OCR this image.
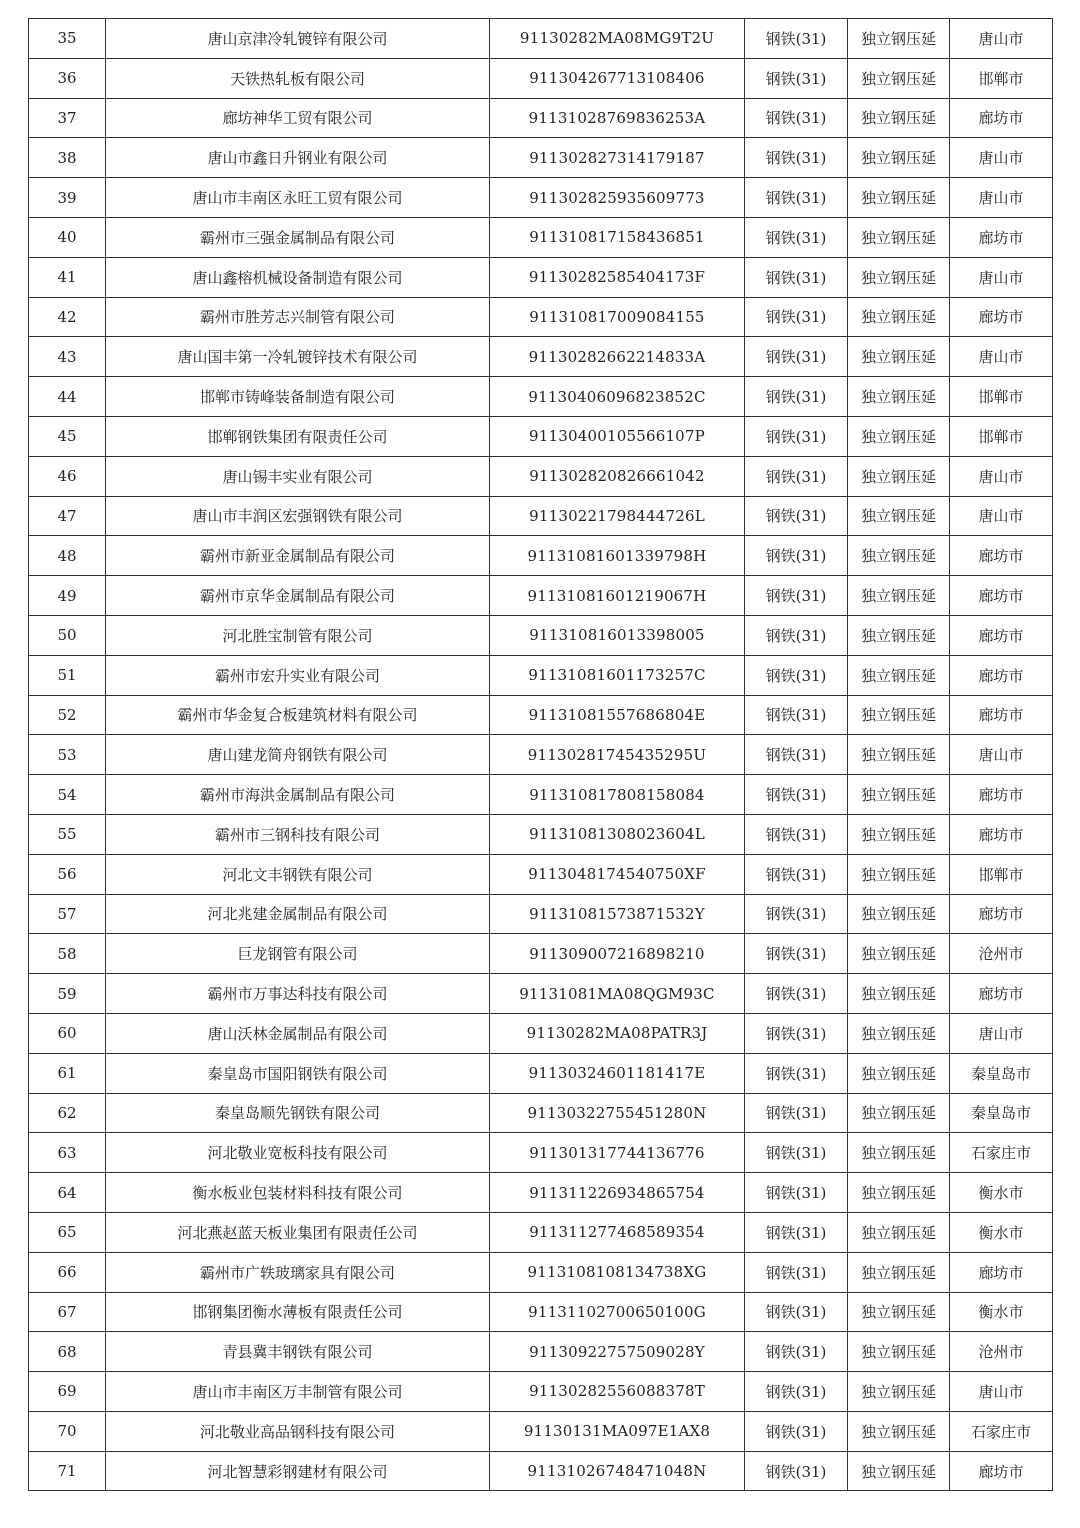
35	唐山京津冷轧镀锌有限公司	91130282MA08MG9T2U	钢铁(31)	独立钢压延	唐山市
36	天铁热轧板有限公司	911304267713108406	钢铁(31)	独立钢压延	邯郸市
37	廊坊神华工贸有限公司	91131028769836253A	钢铁(31)	独立钢压延	廊坊市
38	唐山市鑫日升钢业有限公司	911302827314179187	钢铁(31)	独立钢压延	唐山市
39	唐山市丰南区永旺工贸有限公司	911302825935609773	钢铁(31)	独立钢压延	唐山市
40	霸州市三强金属制品有限公司	911310817158436851	钢铁(31)	独立钢压延	廊坊市
41	唐山鑫榕机械设备制造有限公司	91130282585404173F	钢铁(31)	独立钢压延	唐山市
42	霸州市胜芳志兴制管有限公司	911310817009084155	钢铁(31)	独立钢压延	廊坊市
43	唐山国丰第一冷轧镀锌技术有限公司	91130282662214833A	钢铁(31)	独立钢压延	唐山市
44	邯郸市铸峰装备制造有限公司	91130406096823852C	钢铁(31)	独立钢压延	邯郸市
45	邯郸钢铁集团有限责任公司	91130400105566107P	钢铁(31)	独立钢压延	邯郸市
46	唐山锡丰实业有限公司	911302820826661042	钢铁(31)	独立钢压延	唐山市
47	唐山市丰润区宏强钢铁有限公司	91130221798444726L	钢铁(31)	独立钢压延	唐山市
48	霸州市新亚金属制品有限公司	91131081601339798H	钢铁(31)	独立钢压延	廊坊市
49	霸州市京华金属制品有限公司	91131081601219067H	钢铁(31)	独立钢压延	廊坊市
50	河北胜宝制管有限公司	911310816013398005	钢铁(31)	独立钢压延	廊坊市
51	霸州市宏升实业有限公司	91131081601173257C	钢铁(31)	独立钢压延	廊坊市
52	霸州市华金复合板建筑材料有限公司	91131081557686804E	钢铁(31)	独立钢压延	廊坊市
53	唐山建龙简舟钢铁有限公司	91130281745435295U	钢铁(31)	独立钢压延	唐山市
54	霸州市海洪金属制品有限公司	911310817808158084	钢铁(31)	独立钢压延	廊坊市
55	霸州市三钢科技有限公司	91131081308023604L	钢铁(31)	独立钢压延	廊坊市
56	河北文丰钢铁有限公司	9113048174540750XF	钢铁(31)	独立钢压延	邯郸市
57	河北兆建金属制品有限公司	91131081573871532Y	钢铁(31)	独立钢压延	廊坊市
58	巨龙钢管有限公司	911309007216898210	钢铁(31)	独立钢压延	沧州市
59	霸州市万事达科技有限公司	91131081MA08QGM93C	钢铁(31)	独立钢压延	廊坊市
60	唐山沃林金属制品有限公司	91130282MA08PATR3J	钢铁(31)	独立钢压延	唐山市
61	秦皇岛市国阳钢铁有限公司	91130324601181417E	钢铁(31)	独立钢压延	秦皇岛市
62	秦皇岛顺先钢铁有限公司	91130322755451280N	钢铁(31)	独立钢压延	秦皇岛市
63	河北敬业宽板科技有限公司	911301317744136776	钢铁(31)	独立钢压延	石家庄市
64	衡水板业包装材料科技有限公司	911311226934865754	钢铁(31)	独立钢压延	衡水市
65	河北燕赵蓝天板业集团有限责任公司	911311277468589354	钢铁(31)	独立钢压延	衡水市
66	霸州市广轶玻璃家具有限公司	9113108108134738XG	钢铁(31)	独立钢压延	廊坊市
67	邯钢集团衡水薄板有限责任公司	91131102700650100G	钢铁(31)	独立钢压延	衡水市
68	青县冀丰钢铁有限公司	91130922757509028Y	钢铁(31)	独立钢压延	沧州市
69	唐山市丰南区万丰制管有限公司	91130282556088378T	钢铁(31)	独立钢压延	唐山市
70	河北敬业高品钢科技有限公司	91130131MA097E1AX8	钢铁(31)	独立钢压延	石家庄市
71	河北智慧彩钢建材有限公司	91131026748471048N	钢铁(31)	独立钢压延	廊坊市
